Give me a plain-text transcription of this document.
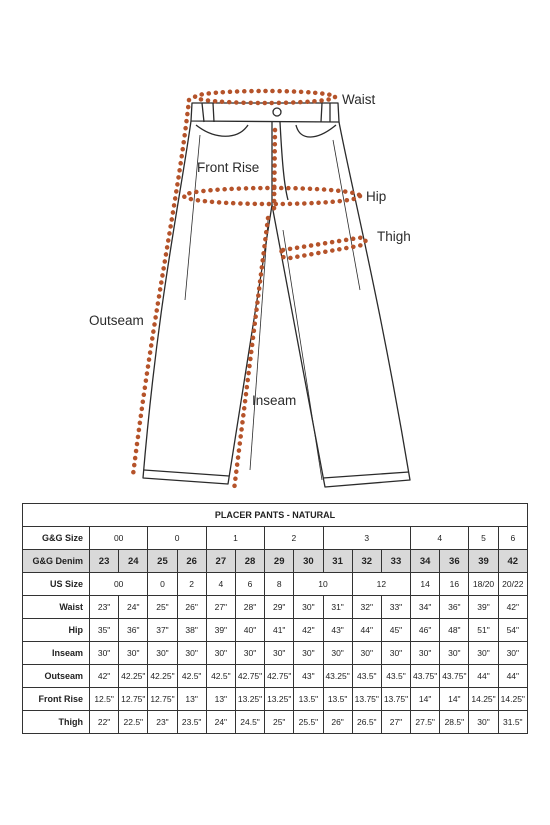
Waist
Front Rise
Hip
Thigh
Outseam
Inseam
PLACER PANTS - NATURAL															
G&G Size	00		0		1		2		3			4		5	6
G&G Denim	23	24	25	26	27	28	29	30	31	32	33	34	36	39	42
US Size	00		0	2	4	6	8	10		12		14	16	18/20	20/22
Waist	23"	24"	25"	26"	27"	28"	29"	30"	31"	32"	33"	34"	36"	39"	42"
Hip	35"	36"	37"	38"	39"	40"	41"	42"	43"	44"	45"	46"	48"	51"	54"
Inseam	30"	30"	30"	30"	30"	30"	30"	30"	30"	30"	30"	30"	30"	30"	30"
Outseam	42"	42.25"	42.25"	42.5"	42.5"	42.75"	42.75"	43"	43.25"	43.5"	43.5"	43.75"	43.75"	44"	44"
Front Rise	12.5"	12.75"	12.75"	13"	13"	13.25"	13.25"	13.5"	13.5"	13.75"	13.75"	14"	14"	14.25"	14.25"
Thigh	22"	22.5"	23"	23.5"	24"	24.5"	25"	25.5"	26"	26.5"	27"	27.5"	28.5"	30"	31.5"
